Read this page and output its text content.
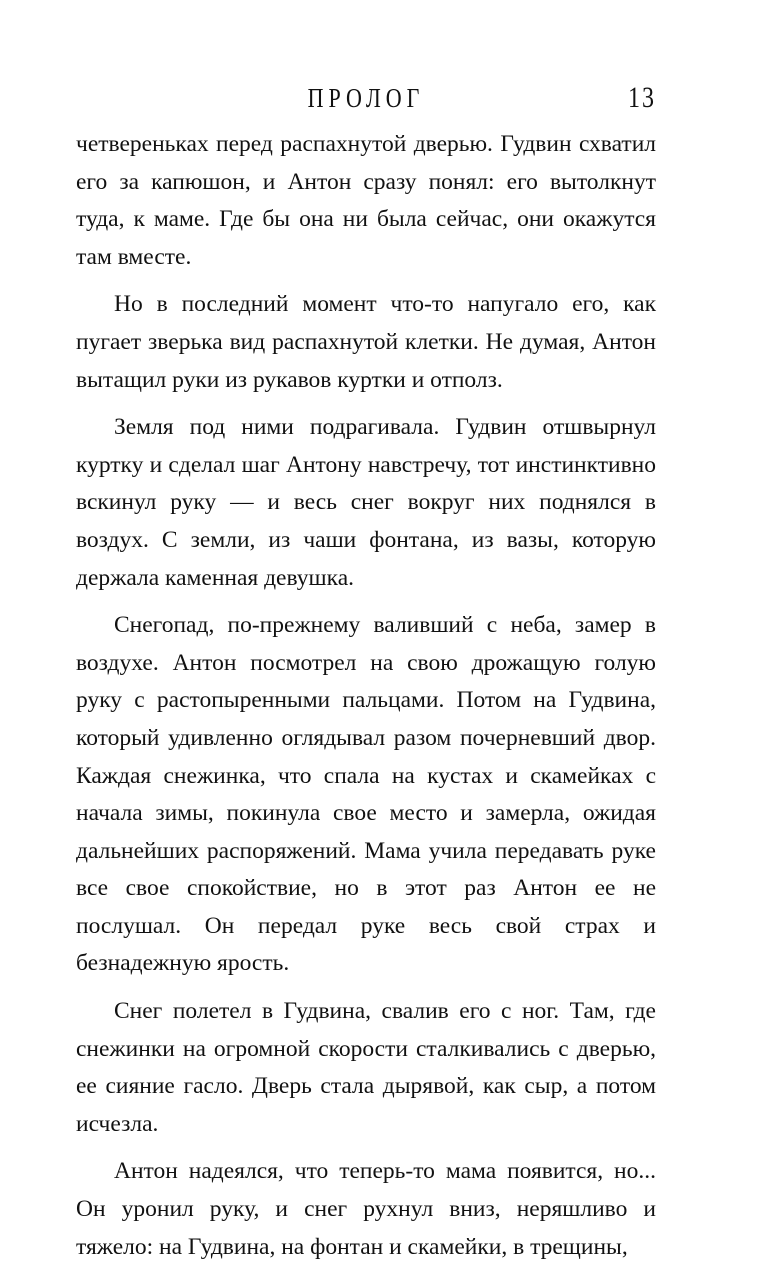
ПРОЛОГ	13

четвереньках перед распахнутой дверью. Гудвин схватил его за капюшон, и Антон сразу понял: его вытолкнут туда, к маме. Где бы она ни была сейчас, они окажутся там вместе.

Но в последний момент что-то напугало его, как пугает зверька вид распахнутой клетки. Не думая, Антон вытащил руки из рукавов куртки и отполз.

Земля под ними подрагивала. Гудвин отшвырнул куртку и сделал шаг Антону навстречу, тот инстинктивно вскинул руку — и весь снег вокруг них поднялся в воздух. С земли, из чаши фонтана, из вазы, которую держала каменная девушка.

Снегопад, по-прежнему валивший с неба, замер в воздухе. Антон посмотрел на свою дрожащую голую руку с растопыренными пальцами. Потом на Гудвина, который удивленно оглядывал разом почерневший двор. Каждая снежинка, что спала на кустах и скамейках с начала зимы, покинула свое место и замерла, ожидая дальнейших распоряжений. Мама учила передавать руке все свое спокойствие, но в этот раз Антон ее не послушал. Он передал руке весь свой страх и безнадежную ярость.

Снег полетел в Гудвина, свалив его с ног. Там, где снежинки на огромной скорости сталкивались с дверью, ее сияние гасло. Дверь стала дырявой, как сыр, а потом исчезла.

Антон надеялся, что теперь-то мама появится, но... Он уронил руку, и снег рухнул вниз, неряшливо и тяжело: на Гудвина, на фонтан и скамейки, в трещины,
